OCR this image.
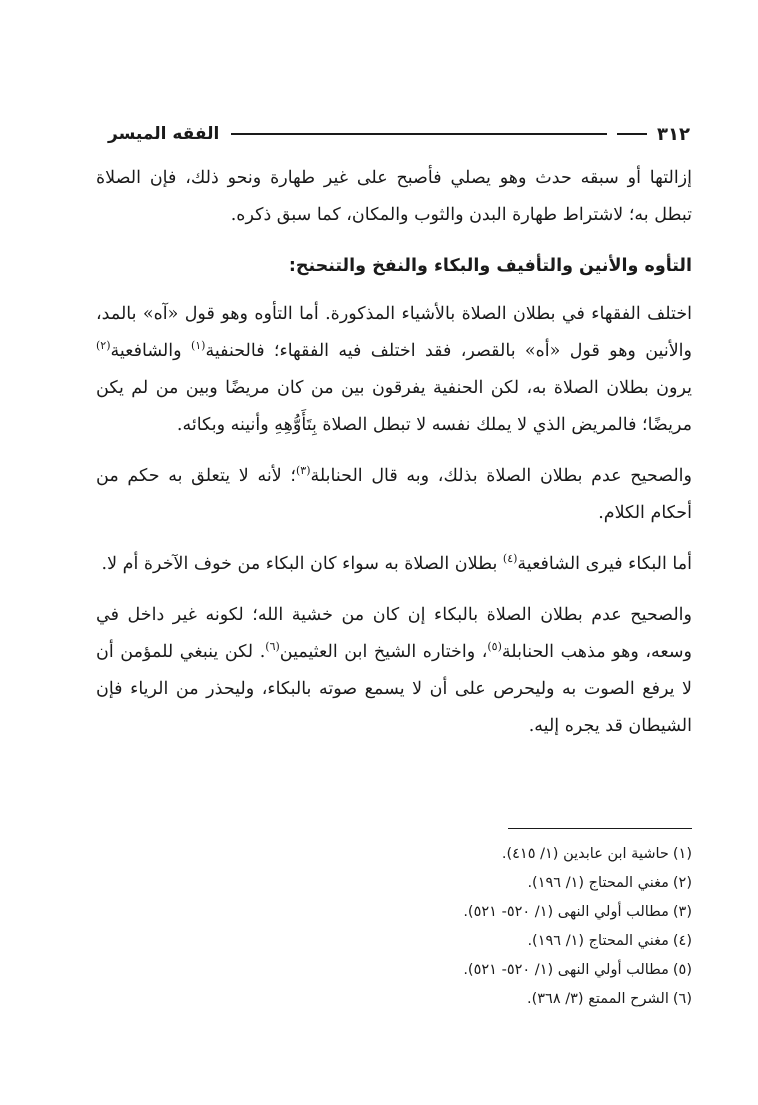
٣١٢
الفقه الميسر

إزالتها أو سبقه حدث وهو يصلي فأصبح على غير طهارة ونحو ذلك، فإن الصلاة تبطل به؛ لاشتراط طهارة البدن والثوب والمكان، كما سبق ذكره.

التأوه والأنين والتأفيف والبكاء والنفخ والتنحنح:

اختلف الفقهاء في بطلان الصلاة بالأشياء المذكورة. أما التأوه وهو قول «آه» بالمد، والأنين وهو قول «أه» بالقصر، فقد اختلف فيه الفقهاء؛ فالحنفية$^{(١)}$ والشافعية$^{(٢)}$ يرون بطلان الصلاة به، لكن الحنفية يفرقون بين من كان مريضًا وبين من لم يكن مريضًا؛ فالمريض الذي لا يملك نفسه لا تبطل الصلاة بِتَأَوُّهِهِ وأنينه وبكائه.

والصحيح عدم بطلان الصلاة بذلك، وبه قال الحنابلة$^{(٣)}$؛ لأنه لا يتعلق به حكم من أحكام الكلام.

أما البكاء فيرى الشافعية$^{(٤)}$ بطلان الصلاة به سواء كان البكاء من خوف الآخرة أم لا.

والصحيح عدم بطلان الصلاة بالبكاء إن كان من خشية الله؛ لكونه غير داخل في وسعه، وهو مذهب الحنابلة$^{(٥)}$، واختاره الشيخ ابن العثيمين$^{(٦)}$. لكن ينبغي للمؤمن أن لا يرفع الصوت به وليحرص على أن لا يسمع صوته بالبكاء، وليحذر من الرياء فإن الشيطان قد يجره إليه.

(١)حاشية ابن عابدين (١/ ٤١٥).
(٢)مغني المحتاج (١/ ١٩٦).
(٣)مطالب أولي النهى (١/ ٥٢٠- ٥٢١).
(٤)مغني المحتاج (١/ ١٩٦).
(٥)مطالب أولي النهى (١/ ٥٢٠- ٥٢١).
(٦)الشرح الممتع (٣/ ٣٦٨).
